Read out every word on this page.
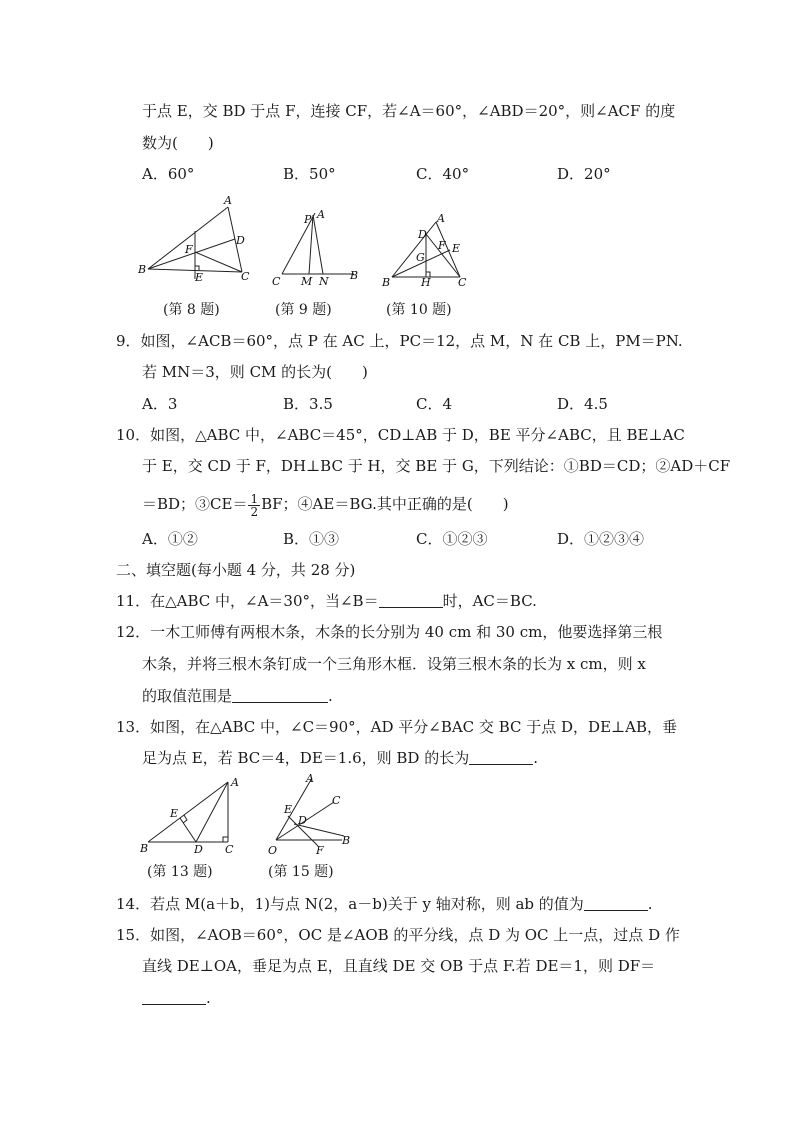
于点 E，交 BD 于点 F，连接 CF，若∠A＝60°，∠ABD＝20°，则∠ACF 的度
数为(　　)
A．60°	B．50°	C．40°	D．20°
A
B
C
D
E
F
(第 8 题)
P A
C M N B
(第 9 题)
A
B	C
D
E
F
G
H
(第 10 题)
9．如图，∠ACB＝60°，点 P 在 AC 上，PC＝12，点 M，N 在 CB 上，PM＝PN.
若 MN＝3，则 CM 的长为(　　)
A．3	B．3.5	C．4	D．4.5
10．如图，△ABC 中，∠ABC＝45°，CD⊥AB 于 D，BE 平分∠ABC，且 BE⊥AC
于 E，交 CD 于 F，DH⊥BC 于 H，交 BE 于 G，下列结论：①BD＝CD；②AD＋CF
＝BD；③CE＝ $\frac{1}{2}$ BF；④AE＝BG.其中正确的是(　　)
A．①②	B．①③	C．①②③	D．①②③④
二、填空题(每小题 4 分，共 28 分)
11．在△ABC 中，∠A＝30°，当∠B＝	时，AC＝BC.
12．一木工师傅有两根木条，木条的长分别为 40 cm 和 30 cm，他要选择第三根
木条，并将三根木条钉成一个三角形木框．设第三根木条的长为 x cm，则 x
的取值范围是	.
13．如图，在△ABC 中，∠C＝90°，AD 平分∠BAC 交 BC 于点 D，DE⊥AB，垂
足为点 E，若 BC＝4，DE＝1.6，则 BD 的长为	.
A
B	C
D
E
(第 13 题)
A
B
C
D
E
F
O
(第 15 题)
14．若点 M(a＋b，1)与点 N(2，a－b)关于 y 轴对称，则 ab 的值为	.
15．如图，∠AOB＝60°，OC 是∠AOB 的平分线，点 D 为 OC 上一点，过点 D 作
直线 DE⊥OA，垂足为点 E，且直线 DE 交 OB 于点 F.若 DE＝1，则 DF＝
.
